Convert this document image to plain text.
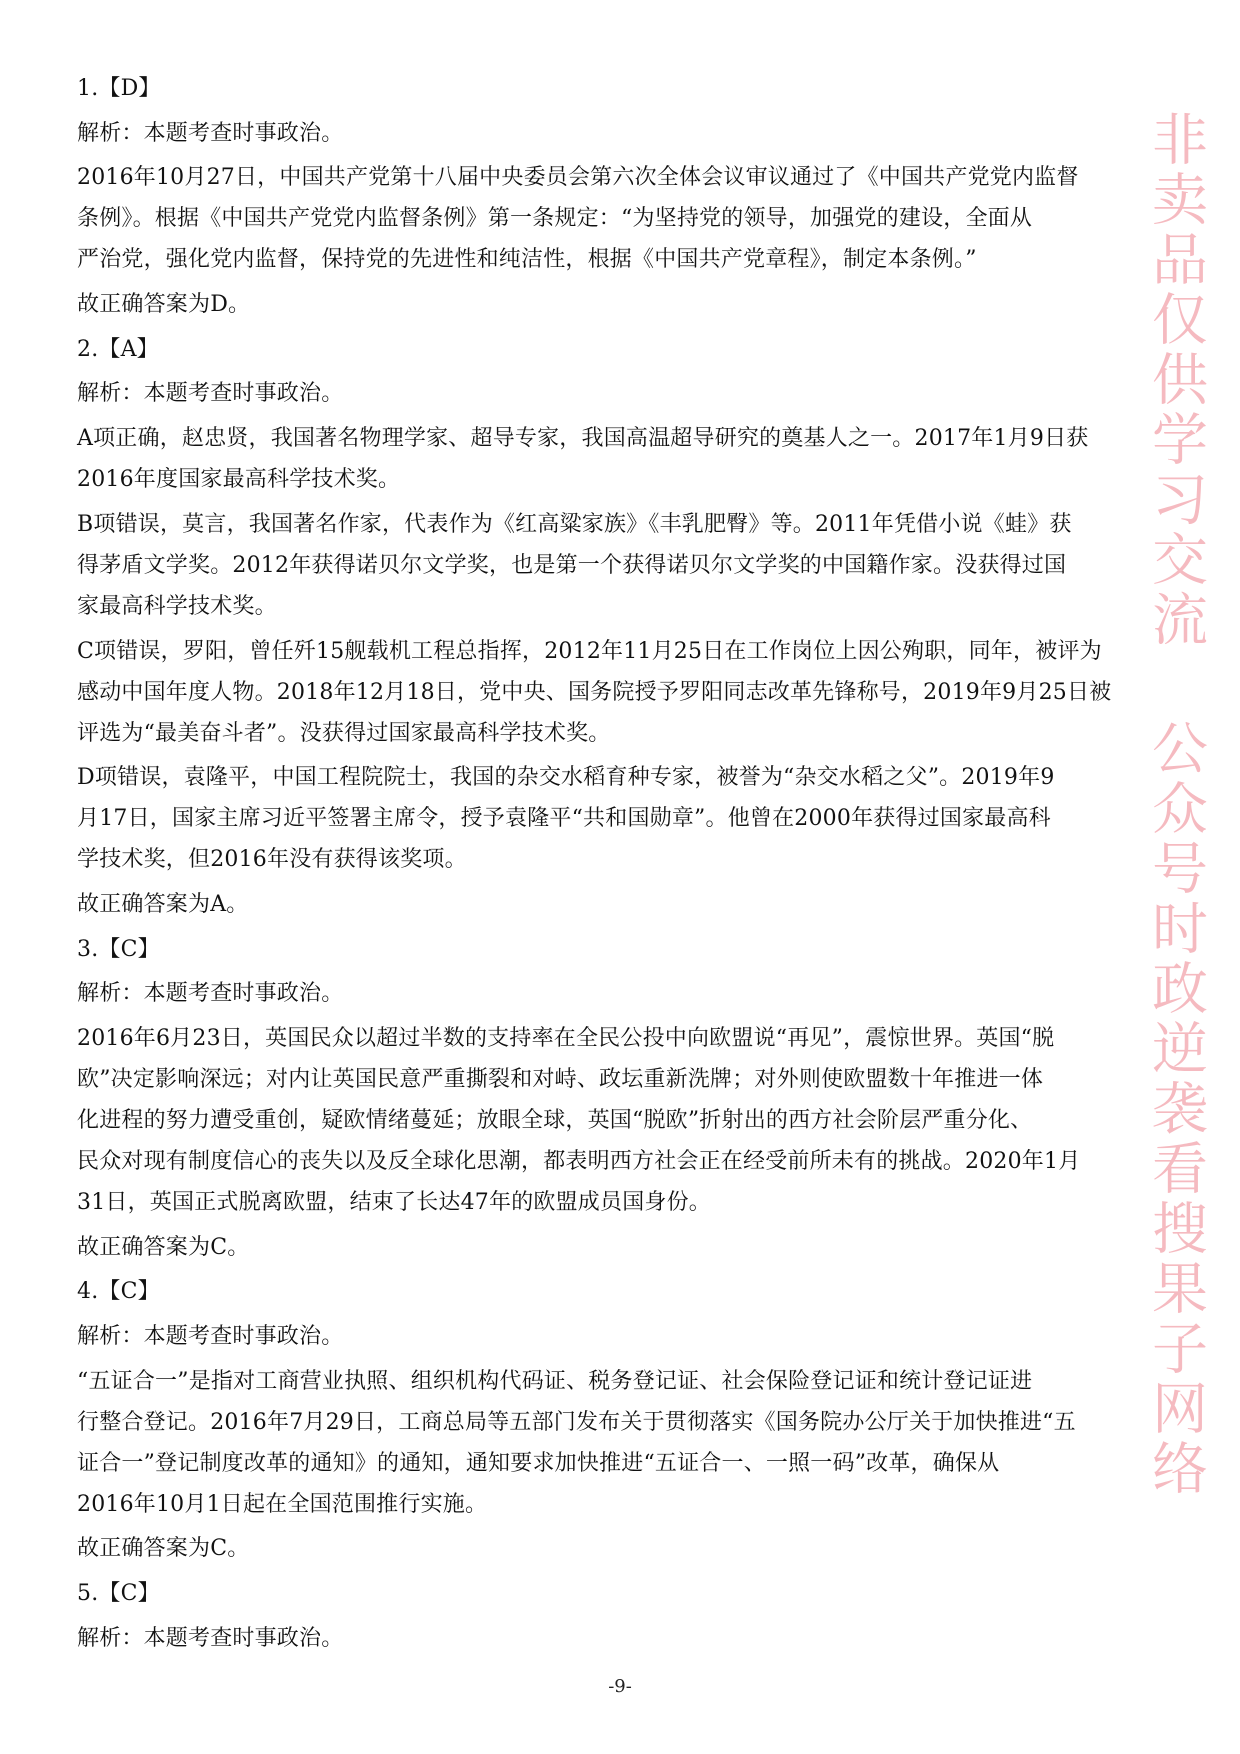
非卖品仅供学习交流 公众号时政逆袭看搜果子网络
1.【D】
解析：本题考查时事政治。
2016年10月27日，中国共产党第十八届中央委员会第六次全体会议审议通过了《中国共产党党内监督
条例》。根据《中国共产党党内监督条例》第一条规定：“为坚持党的领导，加强党的建设，全面从
严治党，强化党内监督，保持党的先进性和纯洁性，根据《中国共产党章程》，制定本条例。”
故正确答案为D。
2.【A】
解析：本题考查时事政治。
A项正确，赵忠贤，我国著名物理学家、超导专家，我国高温超导研究的奠基人之一。2017年1月9日获
2016年度国家最高科学技术奖。
B项错误，莫言，我国著名作家，代表作为《红高粱家族》《丰乳肥臀》等。2011年凭借小说《蛙》获
得茅盾文学奖。2012年获得诺贝尔文学奖，也是第一个获得诺贝尔文学奖的中国籍作家。没获得过国
家最高科学技术奖。
C项错误，罗阳，曾任歼15舰载机工程总指挥，2012年11月25日在工作岗位上因公殉职，同年，被评为
感动中国年度人物。2018年12月18日，党中央、国务院授予罗阳同志改革先锋称号，2019年9月25日被
评选为“最美奋斗者”。没获得过国家最高科学技术奖。
D项错误，袁隆平，中国工程院院士，我国的杂交水稻育种专家，被誉为“杂交水稻之父”。2019年9
月17日，国家主席习近平签署主席令，授予袁隆平“共和国勋章”。他曾在2000年获得过国家最高科
学技术奖，但2016年没有获得该奖项。
故正确答案为A。
3.【C】
解析：本题考查时事政治。
2016年6月23日，英国民众以超过半数的支持率在全民公投中向欧盟说“再见”，震惊世界。英国“脱
欧”决定影响深远；对内让英国民意严重撕裂和对峙、政坛重新洗牌；对外则使欧盟数十年推进一体
化进程的努力遭受重创，疑欧情绪蔓延；放眼全球，英国“脱欧”折射出的西方社会阶层严重分化、
民众对现有制度信心的丧失以及反全球化思潮，都表明西方社会正在经受前所未有的挑战。2020年1月
31日，英国正式脱离欧盟，结束了长达47年的欧盟成员国身份。
故正确答案为C。
4.【C】
解析：本题考查时事政治。
“五证合一”是指对工商营业执照、组织机构代码证、税务登记证、社会保险登记证和统计登记证进
行整合登记。2016年7月29日，工商总局等五部门发布关于贯彻落实《国务院办公厅关于加快推进“五
证合一”登记制度改革的通知》的通知，通知要求加快推进“五证合一、一照一码”改革，确保从
2016年10月1日起在全国范围推行实施。
故正确答案为C。
5.【C】
解析：本题考查时事政治。
-9-
